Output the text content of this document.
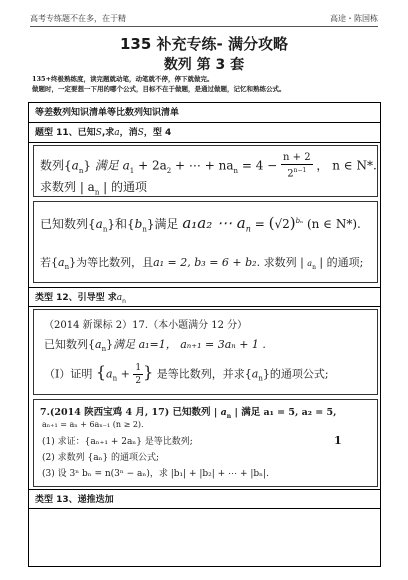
高考专练题不在多，在于精	高途・陈国栋
135 补充专练- 满分攻略
数列 第 3 套
135+终极熟练度，读完题就动笔，动笔就不停，停下就做完。
做题时，一定要想一下用的哪个公式，目标不在于做题，是通过做题，记忆和熟练公式。
等差数列知识清单等比数列知识清单
题型 11、已知S,求a，消S，型 4
数列$\{a_n\}$ 满足 $a_1 + 2a_2$ + ⋯ + $na_n = 4 - \frac{n + 2}{2^{n-1}}$ ， n ∈ N*.
求数列 | $a_n$ | 的通项
已知数列$\{a_n\}$和$\{b_n\}$满足 a₁a₂ ⋯ $a_n = (√2)^{b_n}$ (n ∈ N*).
若$\{a_n\}$为等比数列，且a₁ = 2, b₃ = 6 + b₂. 求数列 | $a_n$ | 的通项;
类型 12、引导型 求$a_n$
（2014 新课标 2）17.（本小题满分 12 分）
已知数列$\{a_n\}$满足 a₁=1， aₙ₊₁ = 3aₙ + 1 .
（Ⅰ）证明 {$a_n + \frac{1}{2}$ } 是等比数列，并求$\{a_n\}$的通项公式;
7.(2014 陕西宝鸡 4 月, 17) 已知数列 | $a_n$ | 满足 a₁ = 5, a₂ = 5,
aₙ₊₁ = aₙ + 6aₙ₋₁ (n ≥ 2).
(1) 求证：{aₙ₊₁ + 2aₙ} 是等比数列;
(2) 求数列 {aₙ} 的通项公式;
(3) 设 3ⁿ bₙ = n(3ⁿ − aₙ)，求 |b₁| + |b₂| + ⋯ + |bₙ|.
1
类型 13、递推迭加
